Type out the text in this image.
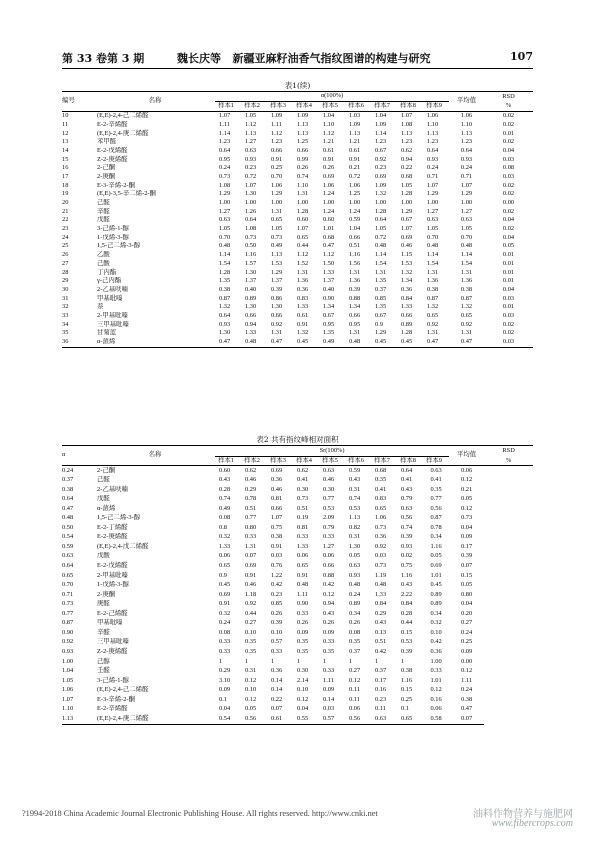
第 33 卷第 3 期	魏长庆等 新疆亚麻籽油香气指纹图谱的构建与研究	107
表1(续)
编号	名称	α(100%)									平均值	RSD
		样本1	样本2	样本3	样本4	样本5	样本6	样本7	样本8	样本9		%
10	(E,E)-2,4-己二烯醛	1.07	1.05	1.09	1.09	1.04	1.03	1.04	1.07	1.06	1.06	0.02
11	E-2-辛烯醛	1.11	1.12	1.11	1.13	1.10	1.09	1.09	1.08	1.10	1.10	0.02
12	(E,E)-2,4-庚二烯醛	1.14	1.13	1.12	1.13	1.12	1.13	1.14	1.13	1.13	1.13	0.01
13	苯甲醛	1.23	1.27	1.23	1.25	1.21	1.21	1.23	1.23	1.23	1.23	0.02
14	E-2-戊烯醛	0.64	0.63	0.66	0.66	0.61	0.61	0.67	0.62	0.64	0.64	0.04
15	Z-2-庚烯醛	0.95	0.93	0.91	0.99	0.91	0.91	0.92	0.94	0.93	0.93	0.03
16	2-己酮	0.24	0.23	0.25	0.26	0.26	0.21	0.23	0.22	0.24	0.24	0.08
17	2-庚酮	0.73	0.72	0.70	0.74	0.69	0.72	0.69	0.68	0.71	0.71	0.03
18	E-3-辛烯-2-酮	1.08	1.07	1.06	1.10	1.06	1.06	1.09	1.05	1.07	1.07	0.02
19	(E,E)-3,5-辛二烯-2-酮	1.29	1.30	1.29	1.31	1.24	1.25	1.32	1.28	1.29	1.29	0.02
20	己醛	1.00	1.00	1.00	1.00	1.00	1.00	1.00	1.00	1.00	1.00	0.00
21	辛醛	1.27	1.26	1.31	1.28	1.24	1.24	1.28	1.29	1.27	1.27	0.02
22	戊醛	0.63	0.64	0.65	0.60	0.60	0.59	0.64	0.67	0.63	0.63	0.04
23	3-己烯-1-醇	1.05	1.08	1.05	1.07	1.01	1.04	1.05	1.07	1.05	1.05	0.02
24	1-戊烯-3-醇	0.70	0.73	0.73	0.65	0.68	0.66	0.72	0.69	0.70	0.70	0.04
25	1,5-己二烯-3-醇	0.48	0.50	0.49	0.44	0.47	0.51	0.48	0.46	0.48	0.48	0.05
26	乙酸	1.14	1.16	1.13	1.12	1.12	1.16	1.14	1.15	1.14	1.14	0.01
27	己酸	1.54	1.57	1.53	1.52	1.50	1.56	1.54	1.53	1.54	1.54	0.01
28	丁内酯	1.28	1.30	1.29	1.31	1.33	1.31	1.31	1.32	1.31	1.31	0.01
29	γ-己内酯	1.35	1.37	1.37	1.36	1.37	1.36	1.35	1.34	1.36	1.36	0.01
30	2-乙基呋喃	0.38	0.40	0.39	0.36	0.40	0.39	0.37	0.36	0.38	0.38	0.04
31	甲基吡嗪	0.87	0.89	0.86	0.83	0.90	0.88	0.85	0.84	0.87	0.87	0.03
32	萘	1.32	1.30	1.30	1.33	1.34	1.34	1.35	1.33	1.32	1.32	0.01
33	2-甲基吡嗪	0.64	0.66	0.66	0.61	0.67	0.66	0.67	0.66	0.65	0.65	0.03
34	三甲基吡嗪	0.93	0.94	0.92	0.91	0.95	0.95	0.9	0.89	0.92	0.92	0.02
35	甘菊蓝	1.30	1.33	1.31	1.32	1.35	1.31	1.29	1.28	1.31	1.31	0.02
36	α-蒎烯	0.47	0.48	0.47	0.45	0.49	0.48	0.45	0.45	0.47	0.47	0.03
表2 共有指纹峰相对面积
α	名称	Sr(100%)									平均值	RSD
		样本1	样本2	样本3	样本4	样本5	样本6	样本7	样本8	样本9		%
0.24	2-己酮	0.60	0.62	0.69	0.62	0.63	0.59	0.68	0.64	0.63	0.06	
0.37	己醛	0.43	0.46	0.36	0.41	0.46	0.43	0.35	0.41	0.41	0.12	
0.38	2-乙基呋喃	0.28	0.29	0.46	0.30	0.30	0.31	0.41	0.43	0.35	0.21	
0.64	戊醛	0.74	0.78	0.81	0.73	0.77	0.74	0.83	0.79	0.77	0.05	
0.47	α-蒎烯	0.49	0.51	0.66	0.51	0.53	0.53	0.65	0.63	0.56	0.12	
0.48	1,5-己二烯-3-醇	0.08	0.77	1.07	0.19	2.09	1.13	1.06	0.56	0.87	0.73	
0.50	E-2-丁烯醛	0.8	0.80	0.75	0.81	0.79	0.82	0.73	0.74	0.78	0.04	
0.54	E-2-庚烯醛	0.32	0.33	0.38	0.33	0.33	0.31	0.36	0.39	0.34	0.09	
0.59	(E,E)-2,4-戊二烯醛	1.33	1.31	0.91	1.33	1.27	1.30	0.92	0.93	1.16	0.17	
0.63	戊酸	0.06	0.07	0.03	0.06	0.06	0.05	0.03	0.02	0.05	0.39	
0.64	E-2-戊烯醛	0.65	0.69	0.76	0.65	0.66	0.63	0.73	0.75	0.69	0.07	
0.65	2-甲基吡嗪	0.9	0.91	1.22	0.91	0.88	0.93	1.19	1.16	1.01	0.15	
0.70	1-戊烯-3-醇	0.45	0.46	0.42	0.48	0.42	0.48	0.48	0.43	0.45	0.05	
0.71	2-庚酮	0.69	1.18	0.23	1.11	0.12	0.24	1.33	2.22	0.89	0.80	
0.73	庚醛	0.91	0.92	0.85	0.90	0.94	0.89	0.84	0.84	0.89	0.04	
0.77	E-2-己烯醛	0.32	0.44	0.26	0.33	0.43	0.34	0.29	0.28	0.34	0.20	
0.87	甲基吡嗪	0.24	0.27	0.39	0.26	0.26	0.26	0.43	0.44	0.32	0.27	
0.90	辛醛	0.08	0.10	0.10	0.09	0.09	0.08	0.13	0.15	0.10	0.24	
0.92	三甲基吡嗪	0.33	0.35	0.57	0.35	0.33	0.35	0.51	0.53	0.42	0.25	
0.93	Z-2-庚烯醛	0.33	0.35	0.33	0.35	0.35	0.37	0.42	0.39	0.36	0.09	
1.00	己醇	1	1	1	1	1	1	1	1	1.00	0.00	
1.04	壬醛	0.29	0.31	0.36	0.30	0.33	0.27	0.37	0.38	0.33	0.12	
1.05	3-己烯-1-醇	3.10	0.12	0.14	2.14	1.11	0.12	0.17	1.16	1.01	1.11	
1.06	(E,E)-2,4-己二烯醛	0.09	0.10	0.14	0.10	0.09	0.11	0.16	0.15	0.12	0.24	
1.07	E-3-辛烯-2-酮	0.1	0.12	0.22	0.12	0.14	0.11	0.23	0.25	0.16	0.38	
1.10	E-2-辛烯醛	0.04	0.05	0.07	0.04	0.03	0.06	0.11	0.1	0.06	0.47	
1.13	(E,E)-2,4-庚二烯醛	0.54	0.56	0.61	0.55	0.57	0.56	0.63	0.65	0.58	0.07	
?1994-2018 China Academic Journal Electronic Publishing House. All rights reserved. http://www.cnki.net	油料作物营养与施肥网
www.fibercrops.com
